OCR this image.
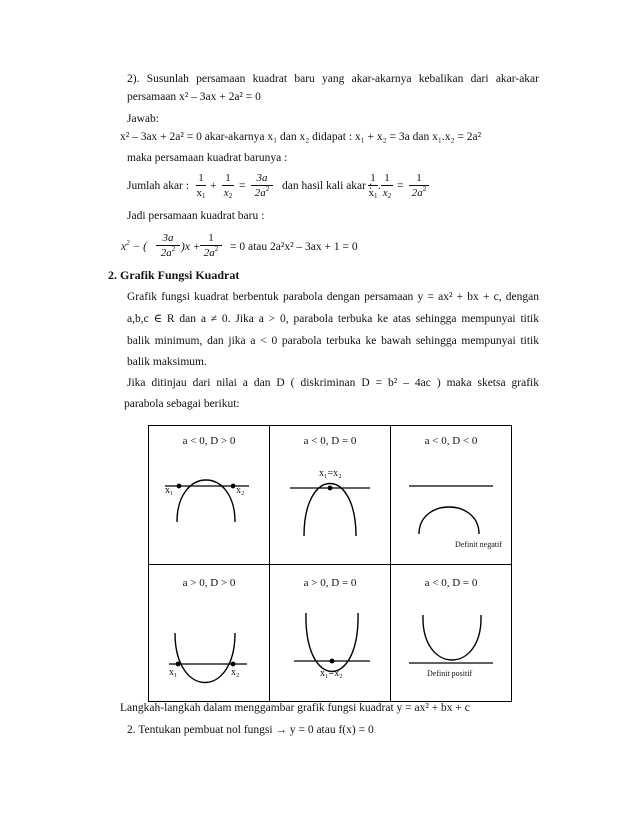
2). Susunlah persamaan kuadrat baru yang akar-akarnya kebalikan dari akar-akar
persamaan x² – 3ax + 2a² = 0
Jawab:
x² – 3ax + 2a² = 0 akar-akarnya x₁ dan x₂ didapat : x₁ + x₂ = 3a dan x₁.x₂ = 2a²
maka persamaan kuadrat barunya :
Jumlah akar :
1
$x_1$
+
1
$x_2$
=
3a
$2a^2$	dan hasil kali akar :
1
$x_1$
.
1
$x_2$
=
1
$2a^2$
Jadi persamaan kuadrat baru :
$x^2$ − (
3a
$2a^2$ )x +
1
$2a^2$	= 0 atau 2a²x² – 3ax + 1 = 0
2. Grafik Fungsi Kuadrat
Grafik fungsi kuadrat berbentuk parabola dengan persamaan y = ax² + bx + c, dengan
a,b,c ∈ R dan a ≠ 0. Jika a > 0, parabola terbuka ke atas sehingga mempunyai titik
balik minimum, dan jika a < 0 parabola terbuka ke bawah sehingga mempunyai titik
balik maksimum.
Jika ditinjau dari nilai a dan D ( diskriminan D = b² – 4ac ) maka sketsa grafik
parabola sebagai berikut:
a < 0, D > 0
x₁	x₂
a < 0, D = 0
x₁=x₂
a < 0, D < 0
Definit negatif
a > 0, D > 0
x₁	x₂
a > 0, D = 0
x₁=x₂
a < 0, D = 0
Definit positif
Langkah-langkah dalam menggambar grafik fungsi kuadrat y = ax² + bx + c
2. Tentukan pembuat nol fungsi → y = 0 atau f(x) = 0
